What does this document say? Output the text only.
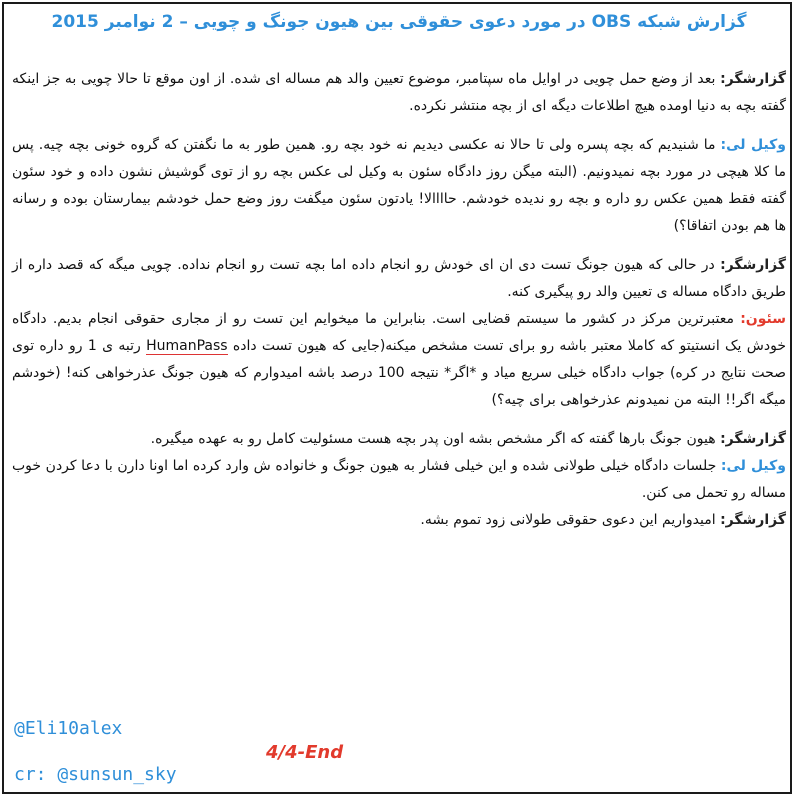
گزارش شبکه OBS در مورد دعوی حقوقی بین هیون جونگ و چویی – 2 نوامبر 2015

گزارشگر: بعد از وضع حمل چویی در اوایل ماه سپتامبر، موضوع تعیین والد هم مساله ای شده. از اون موقع تا حالا چویی به جز اینکه گفته بچه به دنیا اومده هیچ اطلاعات دیگه ای از بچه منتشر نکرده.

وکیل لی: ما شنیدیم که بچه پسره ولی تا حالا نه عکسی دیدیم نه خود بچه رو. همین طور به ما نگفتن که گروه خونی بچه چیه. پس ما کلا هیچی در مورد بچه نمیدونیم. (البته میگن روز دادگاه سئون به وکیل لی عکس بچه رو از توی گوشیش نشون داده و خود سئون گفته فقط همین عکس رو داره و بچه رو ندیده خودشم. حاااالا! یادتون سئون میگفت روز وضع حمل خودشم بیمارستان بوده و رسانه ها هم بودن اتفاقا؟)

گزارشگر: در حالی که هیون جونگ تست دی ان ای خودش رو انجام داده اما بچه تست رو انجام نداده. چویی میگه که قصد داره از طریق دادگاه مساله ی تعیین والد رو پیگیری کنه.

سئون: معتبرترین مرکز در کشور ما سیستم قضایی است. بنابراین ما میخوایم این تست رو از مجاری حقوقی انجام بدیم. دادگاه خودش یک انستیتو که کاملا معتبر باشه رو برای تست مشخص میکنه(جایی که هیون تست داده HumanPass رتبه ی 1 رو داره توی صحت نتایج در کره) جواب دادگاه خیلی سریع میاد و *اگر* نتیجه 100 درصد باشه امیدوارم که هیون جونگ عذرخواهی کنه! (خودشم میگه اگر!! البته من نمیدونم عذرخواهی برای چیه؟)

گزارشگر: هیون جونگ بارها گفته که اگر مشخص بشه اون پدر بچه هست مسئولیت کامل رو به عهده میگیره.

وکیل لی: جلسات دادگاه خیلی طولانی شده و این خیلی فشار به هیون جونگ و خانواده ش وارد کرده اما اونا دارن با دعا کردن خوب مساله رو تحمل می کنن.

گزارشگر: امیدواریم این دعوی حقوقی طولانی زود تموم بشه.

@Eli10alex
4/4-End
cr: @sunsun_sky
